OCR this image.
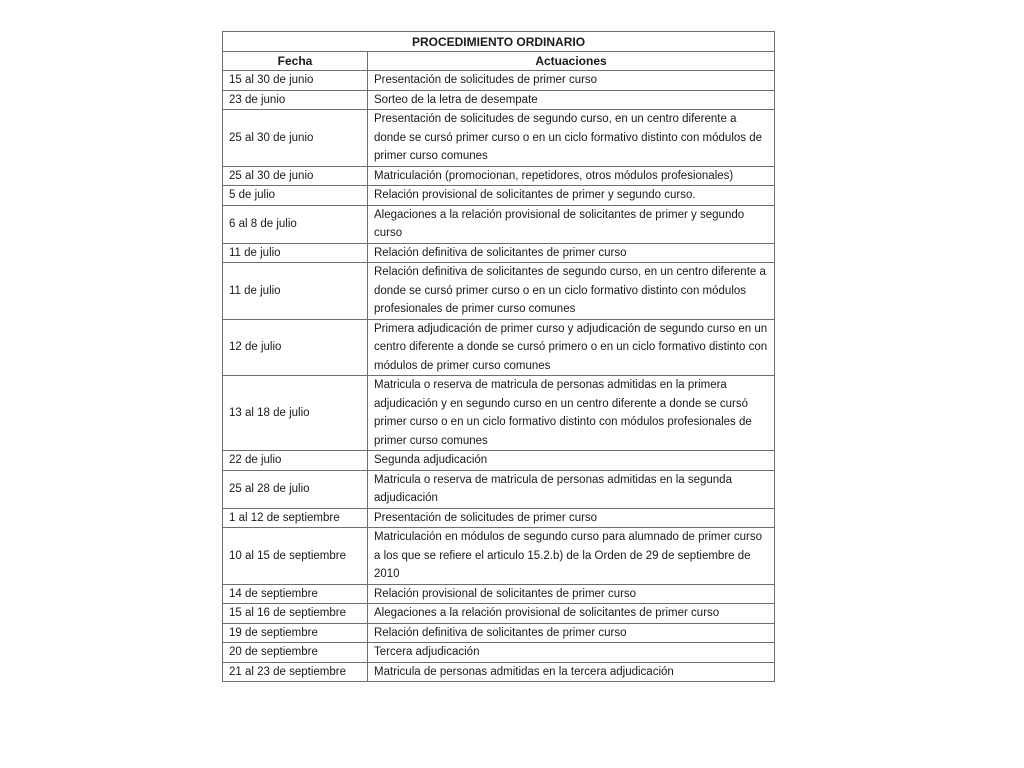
PROCEDIMIENTO ORDINARIO	
Fecha	Actuaciones
15 al 30 de junio	Presentación de solicitudes de primer curso
23 de junio	Sorteo de la letra de desempate
25 al 30 de junio	Presentación de solicitudes de segundo curso, en un centro diferente a donde se cursó primer curso o en un ciclo formativo distinto con módulos de primer curso comunes
25 al 30 de junio	Matriculación (promocionan, repetidores, otros módulos profesionales)
5 de julio	Relación provisional de solicitantes de primer y segundo curso.
6 al 8 de julio	Alegaciones a la relación provisional de solicitantes de primer y segundo curso
11 de julio	Relación definitiva de solicitantes de primer curso
11 de julio	Relación definitiva de solicitantes de segundo curso, en un centro diferente a donde se cursó primer curso o en un ciclo formativo distinto con módulos profesionales de primer curso comunes
12 de julio	Primera adjudicación de primer curso y adjudicación de segundo curso en un centro diferente a donde se cursó primero o en un ciclo formativo distinto con módulos de primer curso comunes
13 al 18 de julio	Matricula o reserva de matricula de personas admitidas en la primera adjudicación y en segundo curso en un centro diferente a donde se cursó primer curso o en un ciclo formativo distinto con módulos profesionales de primer curso comunes
22 de julio	Segunda adjudicación
25 al 28 de julio	Matricula o reserva de matricula de personas admitidas en la segunda adjudicación
1 al 12 de septiembre	Presentación de solicitudes de primer curso
10 al 15 de septiembre	Matriculación en módulos de segundo curso para alumnado de primer curso a los que se refiere el articulo 15.2.b) de la Orden de 29 de septiembre de 2010
14 de septiembre	Relación provisional de solicitantes de primer curso
15 al 16 de septiembre	Alegaciones a la relación provisional de solicitantes de primer curso
19 de septiembre	Relación definitiva de solicitantes de primer curso
20 de septiembre	Tercera adjudicación
21 al 23 de septiembre	Matricula de personas admitidas en la tercera adjudicación
